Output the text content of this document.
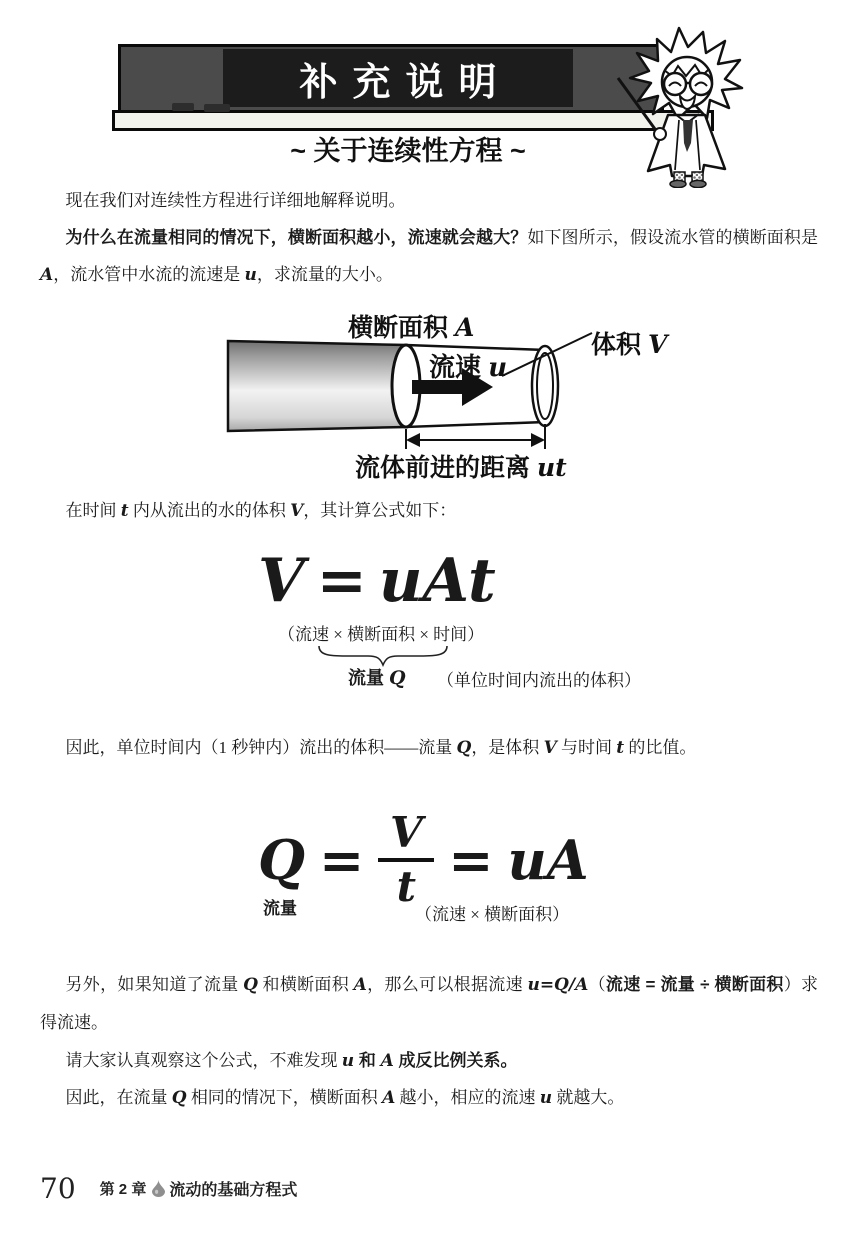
补充说明
~ 关于连续性方程 ~

现在我们对连续性方程进行详细地解释说明。

为什么在流量相同的情况下，横断面积越小，流速就会越大？如下图所示，假设流水管的横断面积是 A，流水管中水流的流速是 u，求流量的大小。

横断面积 A
体积 V
流速 u
流体前进的距离 ut

在时间 t 内从流出的水的体积 V，其计算公式如下：

V = uAt
（流速 × 横断面积 × 时间）
流量 Q （单位时间内流出的体积）

因此，单位时间内（1 秒钟内）流出的体积——流量 Q，是体积 V 与时间 t 的比值。

$Q = \frac{V}{t}$ = uA
流量	（流速 × 横断面积）

另外，如果知道了流量 Q 和横断面积 A，那么可以根据流速 u=Q/A（流速 = 流量 ÷ 横断面积）求得流速。

请大家认真观察这个公式，不难发现 u 和 A 成反比例关系。

因此，在流量 Q 相同的情况下，横断面积 A 越小，相应的流速 u 就越大。

70 第 2 章 流动的基础方程式
